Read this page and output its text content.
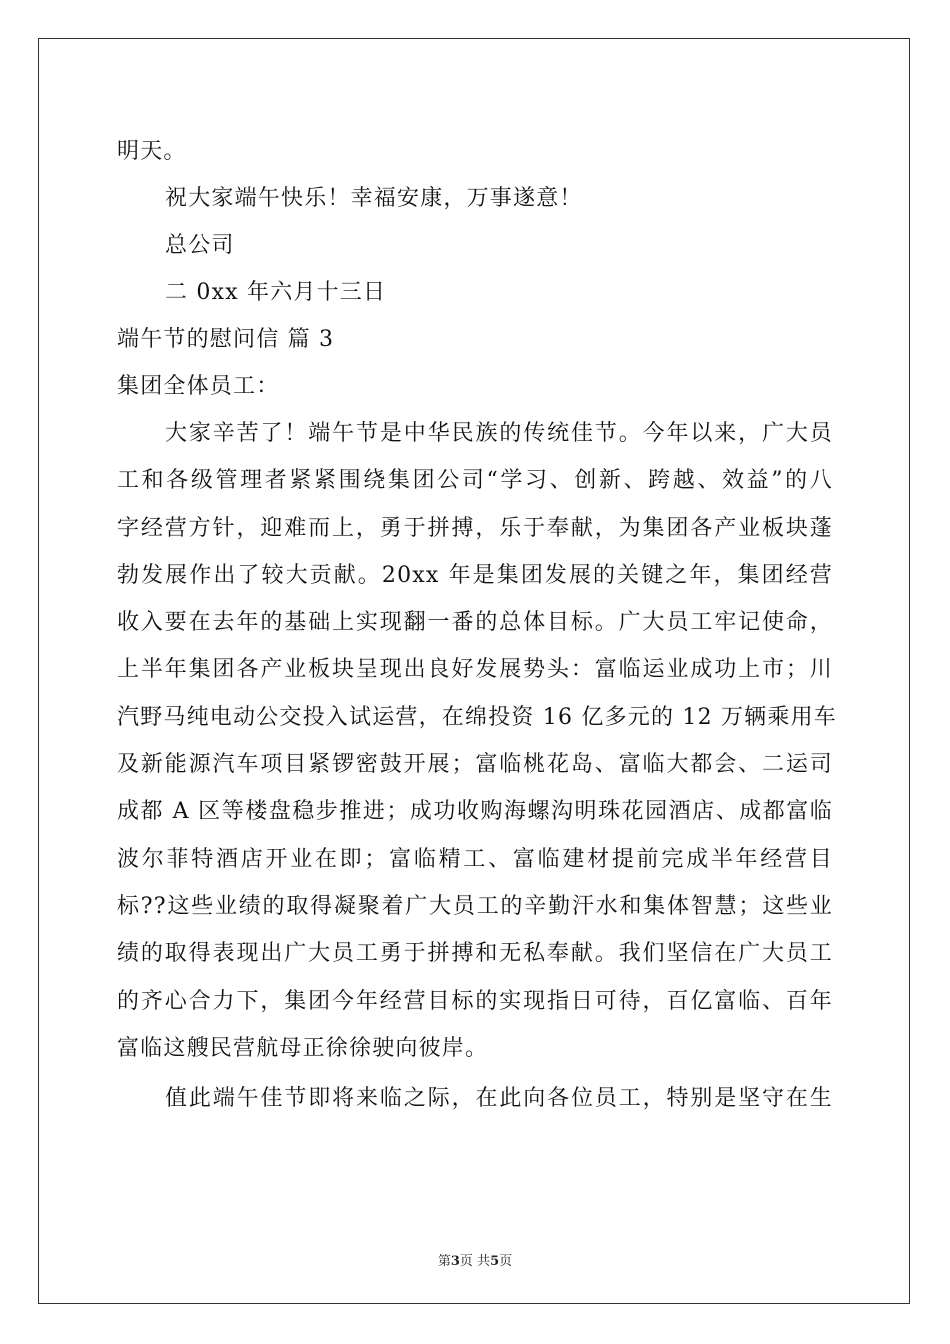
明天。
祝大家端午快乐！幸福安康，万事遂意！
总公司
二 0xx 年六月十三日
端午节的慰问信 篇 3
集团全体员工：
大家辛苦了！端午节是中华民族的传统佳节。今年以来，广大员
工和各级管理者紧紧围绕集团公司“学习、创新、跨越、效益”的八
字经营方针，迎难而上，勇于拼搏，乐于奉献，为集团各产业板块蓬
勃发展作出了较大贡献。20xx 年是集团发展的关键之年，集团经营
收入要在去年的基础上实现翻一番的总体目标。广大员工牢记使命，
上半年集团各产业板块呈现出良好发展势头：富临运业成功上市；川
汽野马纯电动公交投入试运营，在绵投资 16 亿多元的 12 万辆乘用车
及新能源汽车项目紧锣密鼓开展；富临桃花岛、富临大都会、二运司
成都 A 区等楼盘稳步推进；成功收购海螺沟明珠花园酒店、成都富临
波尔菲特酒店开业在即；富临精工、富临建材提前完成半年经营目
标??这些业绩的取得凝聚着广大员工的辛勤汗水和集体智慧；这些业
绩的取得表现出广大员工勇于拼搏和无私奉献。我们坚信在广大员工
的齐心合力下，集团今年经营目标的实现指日可待，百亿富临、百年
富临这艘民营航母正徐徐驶向彼岸。
值此端午佳节即将来临之际，在此向各位员工，特别是坚守在生
第3页 共5页
